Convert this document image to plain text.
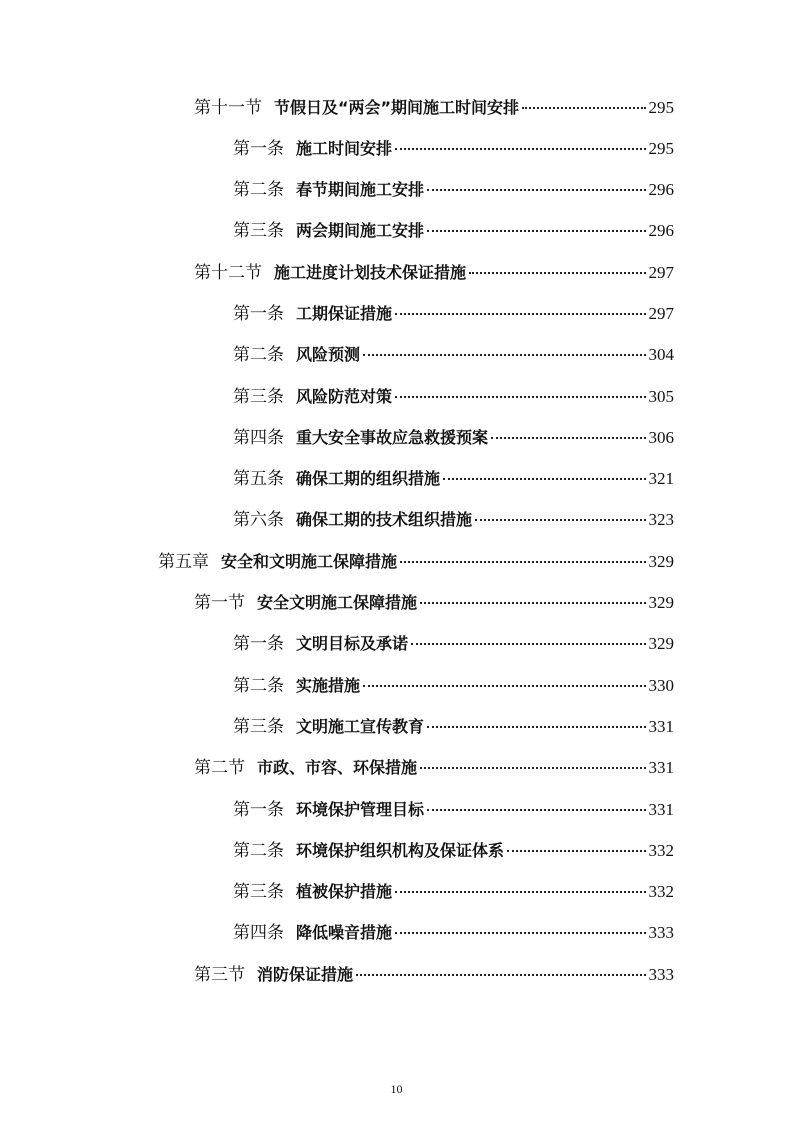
第十一节 节假日及“两会”期间施工时间安排	295
第一条 施工时间安排	295
第二条 春节期间施工安排	296
第三条 两会期间施工安排	296
第十二节 施工进度计划技术保证措施	297
第一条 工期保证措施	297
第二条 风险预测	304
第三条 风险防范对策	305
第四条 重大安全事故应急救援预案	306
第五条 确保工期的组织措施	321
第六条 确保工期的技术组织措施	323
第五章 安全和文明施工保障措施	329
第一节 安全文明施工保障措施	329
第一条 文明目标及承诺	329
第二条 实施措施	330
第三条 文明施工宣传教育	331
第二节 市政、市容、环保措施	331
第一条 环境保护管理目标	331
第二条 环境保护组织机构及保证体系	332
第三条 植被保护措施	332
第四条 降低噪音措施	333
第三节 消防保证措施	333
10
